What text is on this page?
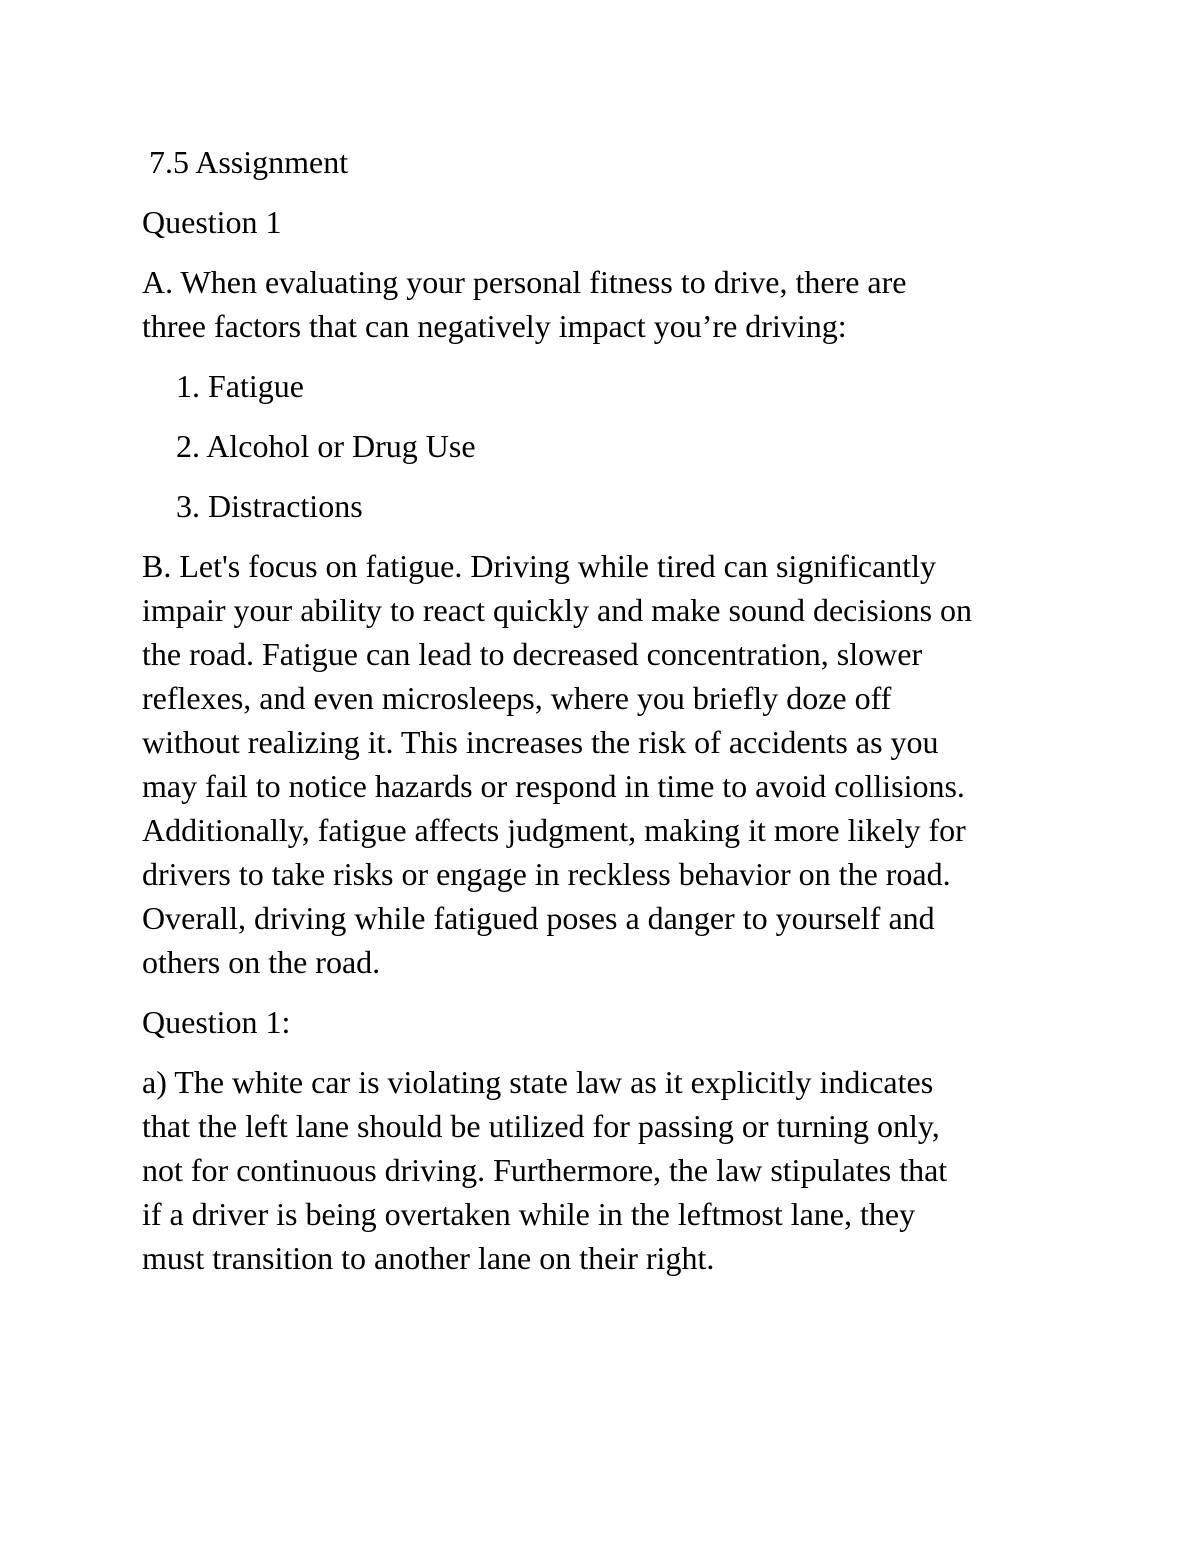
7.5 Assignment

Question 1

A. When evaluating your personal fitness to drive, there are

three factors that can negatively impact you’re driving:

1. Fatigue
2. Alcohol or Drug Use
3. Distractions

B. Let's focus on fatigue. Driving while tired can significantly

impair your ability to react quickly and make sound decisions on

the road. Fatigue can lead to decreased concentration, slower

reflexes, and even microsleeps, where you briefly doze off

without realizing it. This increases the risk of accidents as you

may fail to notice hazards or respond in time to avoid collisions.

Additionally, fatigue affects judgment, making it more likely for

drivers to take risks or engage in reckless behavior on the road.

Overall, driving while fatigued poses a danger to yourself and

others on the road.

Question 1:

a) The white car is violating state law as it explicitly indicates

that the left lane should be utilized for passing or turning only,

not for continuous driving. Furthermore, the law stipulates that

if a driver is being overtaken while in the leftmost lane, they

must transition to another lane on their right.
